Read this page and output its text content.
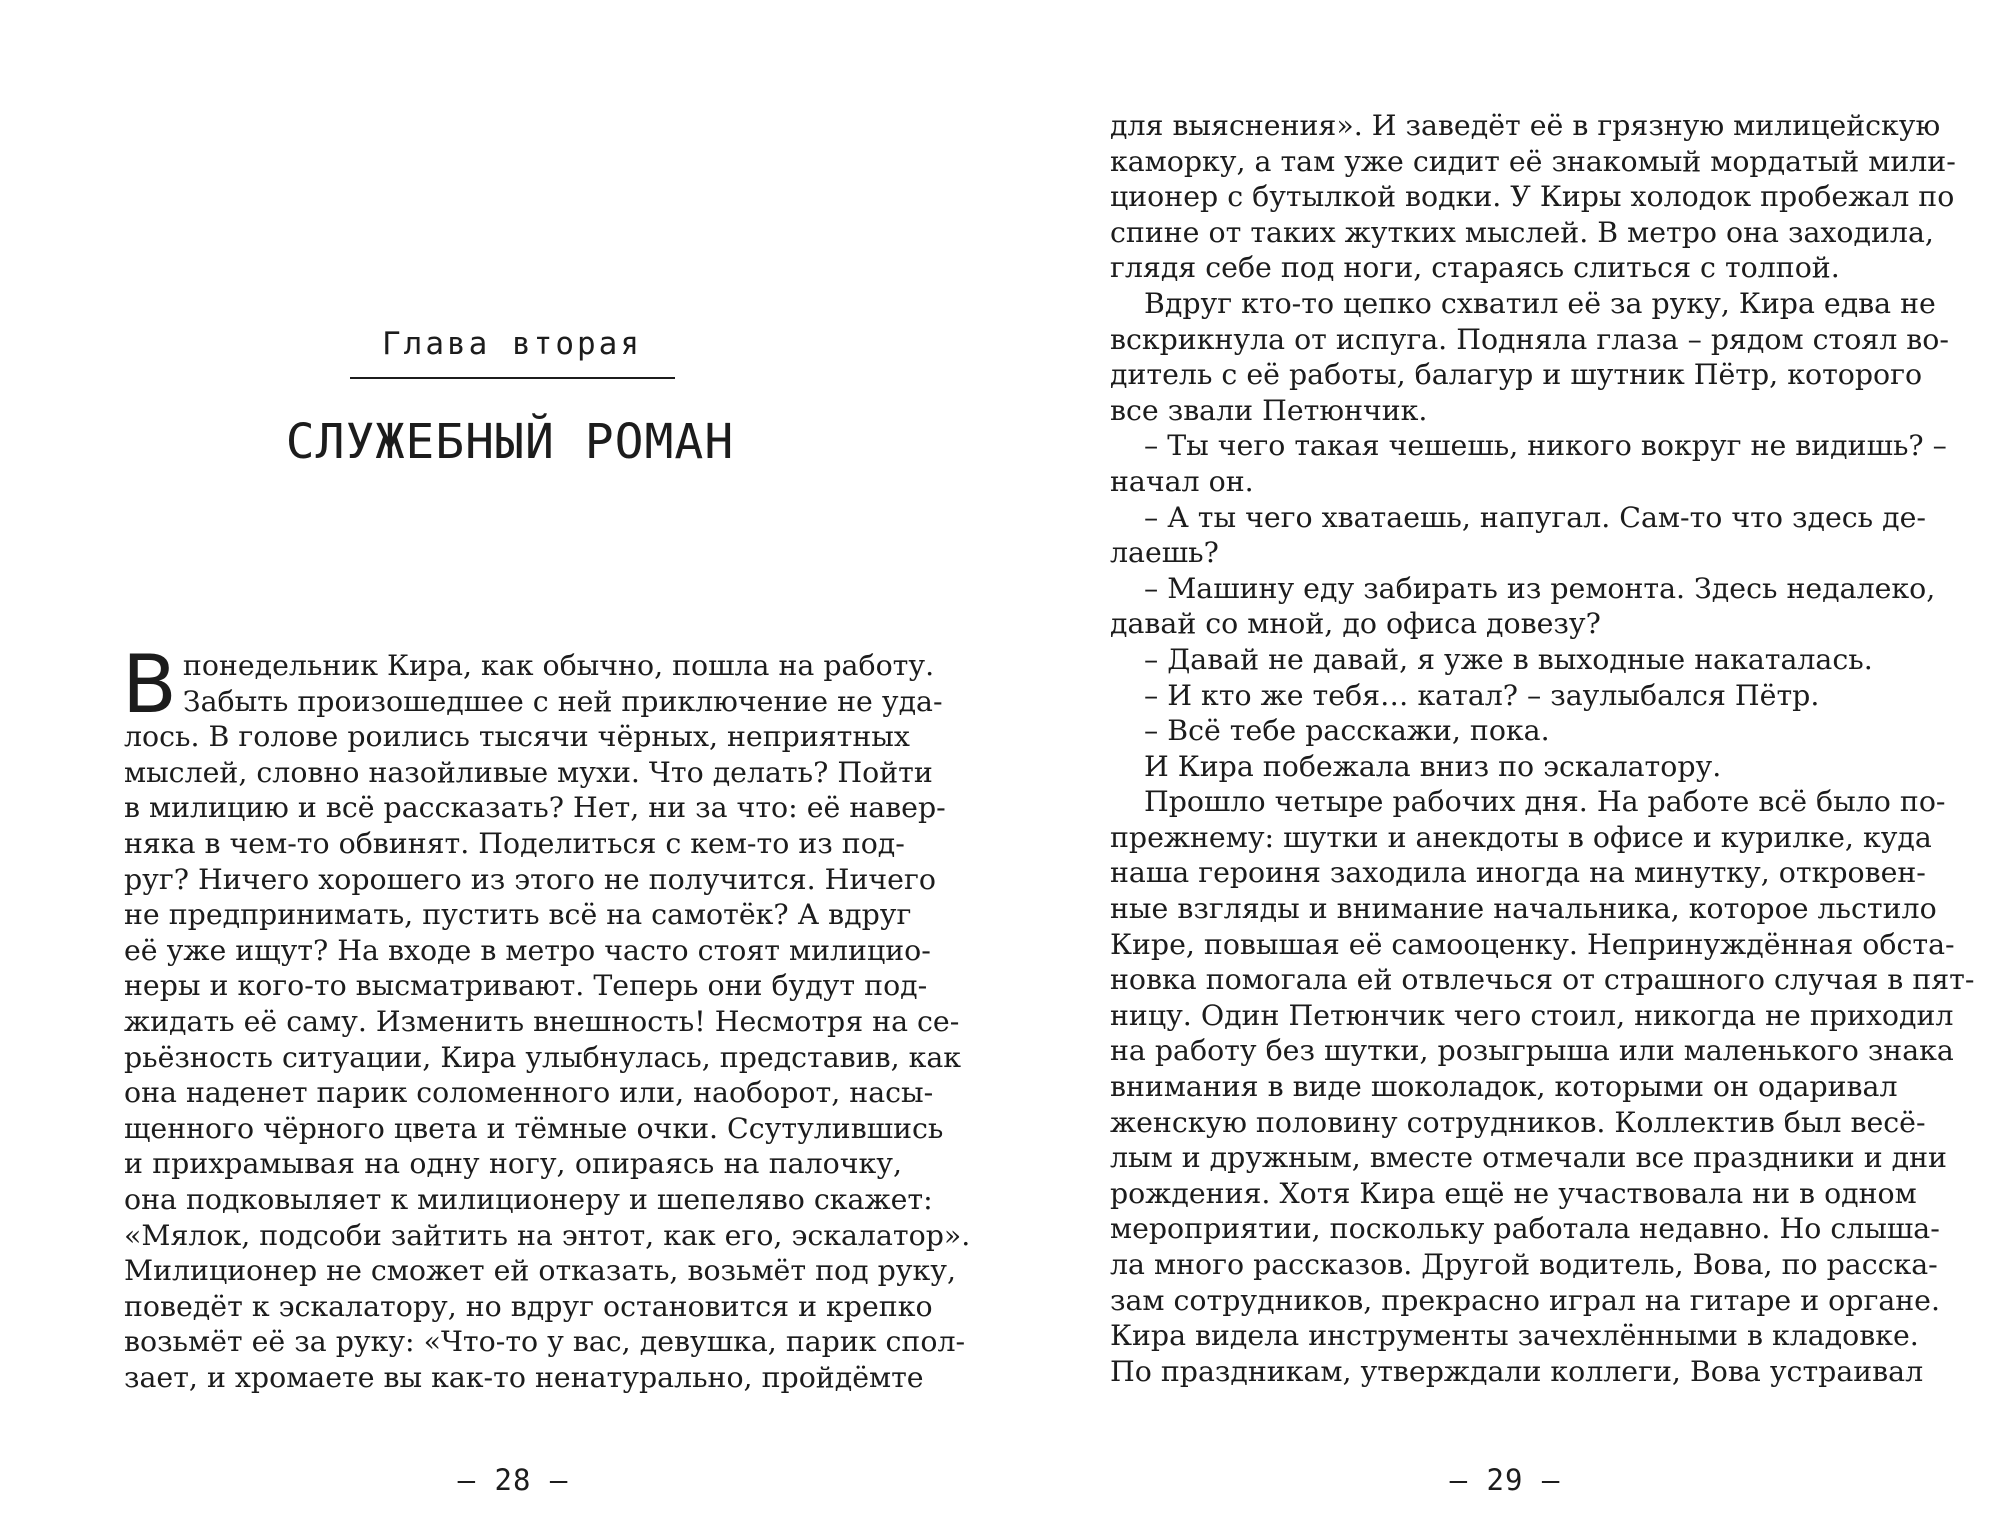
Глава вторая
СЛУЖЕБНЫЙ РОМАН
В понедельник Кира, как обычно, пошла на работу.
Забыть произошедшее с ней приключение не уда-
лось. В голове роились тысячи чёрных, неприятных
мыслей, словно назойливые мухи. Что делать? Пойти
в милицию и всё рассказать? Нет, ни за что: её навер-
няка в чем-то обвинят. Поделиться с кем-то из под-
руг? Ничего хорошего из этого не получится. Ничего
не предпринимать, пустить всё на самотёк? А вдруг
её уже ищут? На входе в метро часто стоят милицио-
неры и кого-то высматривают. Теперь они будут под-
жидать её саму. Изменить внешность! Несмотря на се-
рьёзность ситуации, Кира улыбнулась, представив, как
она наденет парик соломенного или, наоборот, насы-
щенного чёрного цвета и тёмные очки. Ссутулившись
и прихрамывая на одну ногу, опираясь на палочку,
она подковыляет к милиционеру и шепеляво скажет:
«Мялок, подсоби зайтить на энтот, как его, эскалатор».
Милиционер не сможет ей отказать, возьмёт под руку,
поведёт к эскалатору, но вдруг остановится и крепко
возьмёт её за руку: «Что-то у вас, девушка, парик спол-
зает, и хромаете вы как-то ненатурально, пройдёмте
— 28 —
для выяснения». И заведёт её в грязную милицейскую
каморку, а там уже сидит её знакомый мордатый мили-
ционер с бутылкой водки. У Киры холодок пробежал по
спине от таких жутких мыслей. В метро она заходила,
глядя себе под ноги, стараясь слиться с толпой.
Вдруг кто-то цепко схватил её за руку, Кира едва не
вскрикнула от испуга. Подняла глаза – рядом стоял во-
дитель с её работы, балагур и шутник Пётр, которого
все звали Петюнчик.
– Ты чего такая чешешь, никого вокруг не видишь? –
начал он.
– А ты чего хватаешь, напугал. Сам-то что здесь де-
лаешь?
– Машину еду забирать из ремонта. Здесь недалеко,
давай со мной, до офиса довезу?
– Давай не давай, я уже в выходные накаталась.
– И кто же тебя… катал? – заулыбался Пётр.
– Всё тебе расскажи, пока.
И Кира побежала вниз по эскалатору.
Прошло четыре рабочих дня. На работе всё было по-
прежнему: шутки и анекдоты в офисе и курилке, куда
наша героиня заходила иногда на минутку, откровен-
ные взгляды и внимание начальника, которое льстило
Кире, повышая её самооценку. Непринуждённая обста-
новка помогала ей отвлечься от страшного случая в пят-
ницу. Один Петюнчик чего стоил, никогда не приходил
на работу без шутки, розыгрыша или маленького знака
внимания в виде шоколадок, которыми он одаривал
женскую половину сотрудников. Коллектив был весё-
лым и дружным, вместе отмечали все праздники и дни
рождения. Хотя Кира ещё не участвовала ни в одном
мероприятии, поскольку работала недавно. Но слыша-
ла много рассказов. Другой водитель, Вова, по расска-
зам сотрудников, прекрасно играл на гитаре и органе.
Кира видела инструменты зачехлёнными в кладовке.
По праздникам, утверждали коллеги, Вова устраивал
— 29 —
